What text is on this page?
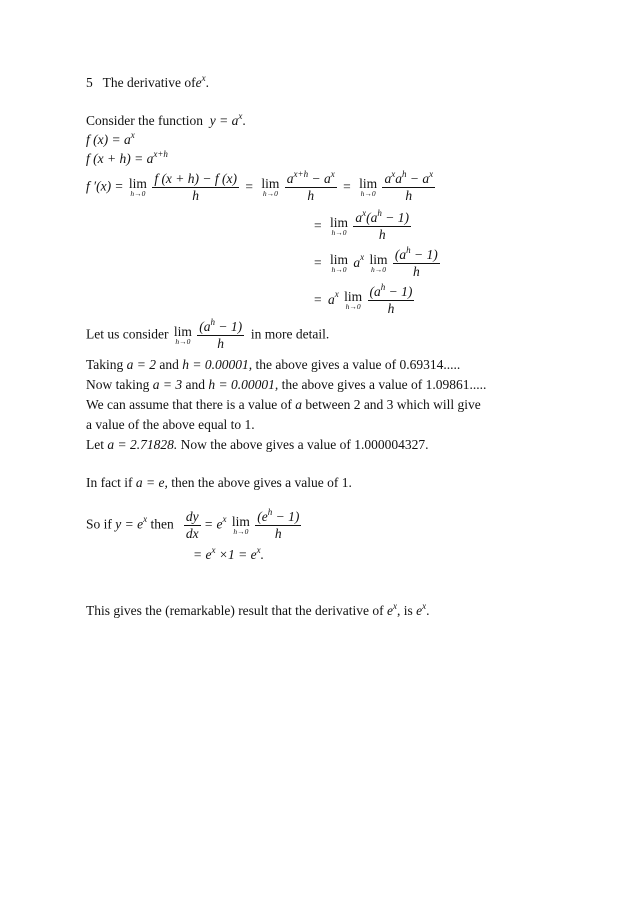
5 The derivative ofe$^x$.
Consider the function $y = a^x$.
f $(x) = a^x$
f $(x + h) = a^{x+h}$
f ′(x) = lim
h→0
$\frac{f (x + h) - f (x)}{h} = \lim$
h→0
$\frac{a^{x+h} - a^x}{h} = \lim$
h→0
$\frac{a^xa^h - a^x}{h}$
= lim
h→0
$\frac{a^x(a^h - 1)}{h}$
= lim
h→0 $a^x$ lim
h→0
$\frac{(a^h - 1)}{h}$
= $a^x$ lim
h→0
$\frac{(a^h - 1)}{h}$
Let us consider lim
h→0
$\frac{(a^h - 1)}{h}$ in more detail.
Taking a = 2 and h = 0.00001, the above gives a value of 0.69314.....
Now taking a = 3 and h = 0.00001, the above gives a value of 1.09861.....
We can assume that there is a value of a between 2 and 3 which will give
a value of the above equal to 1.
Let a = 2.71828. Now the above gives a value of 1.000004327.
In fact if a = e, then the above gives a value of 1.
So if $y = e^x$ then $\frac{dy}{dx} = e^x$ lim
h→0
$\frac{(e^h - 1)}{h}$
= $e^x \times 1 = e^x$.
This gives the (remarkable) result that the derivative of $e^x$, is $e^x$.
